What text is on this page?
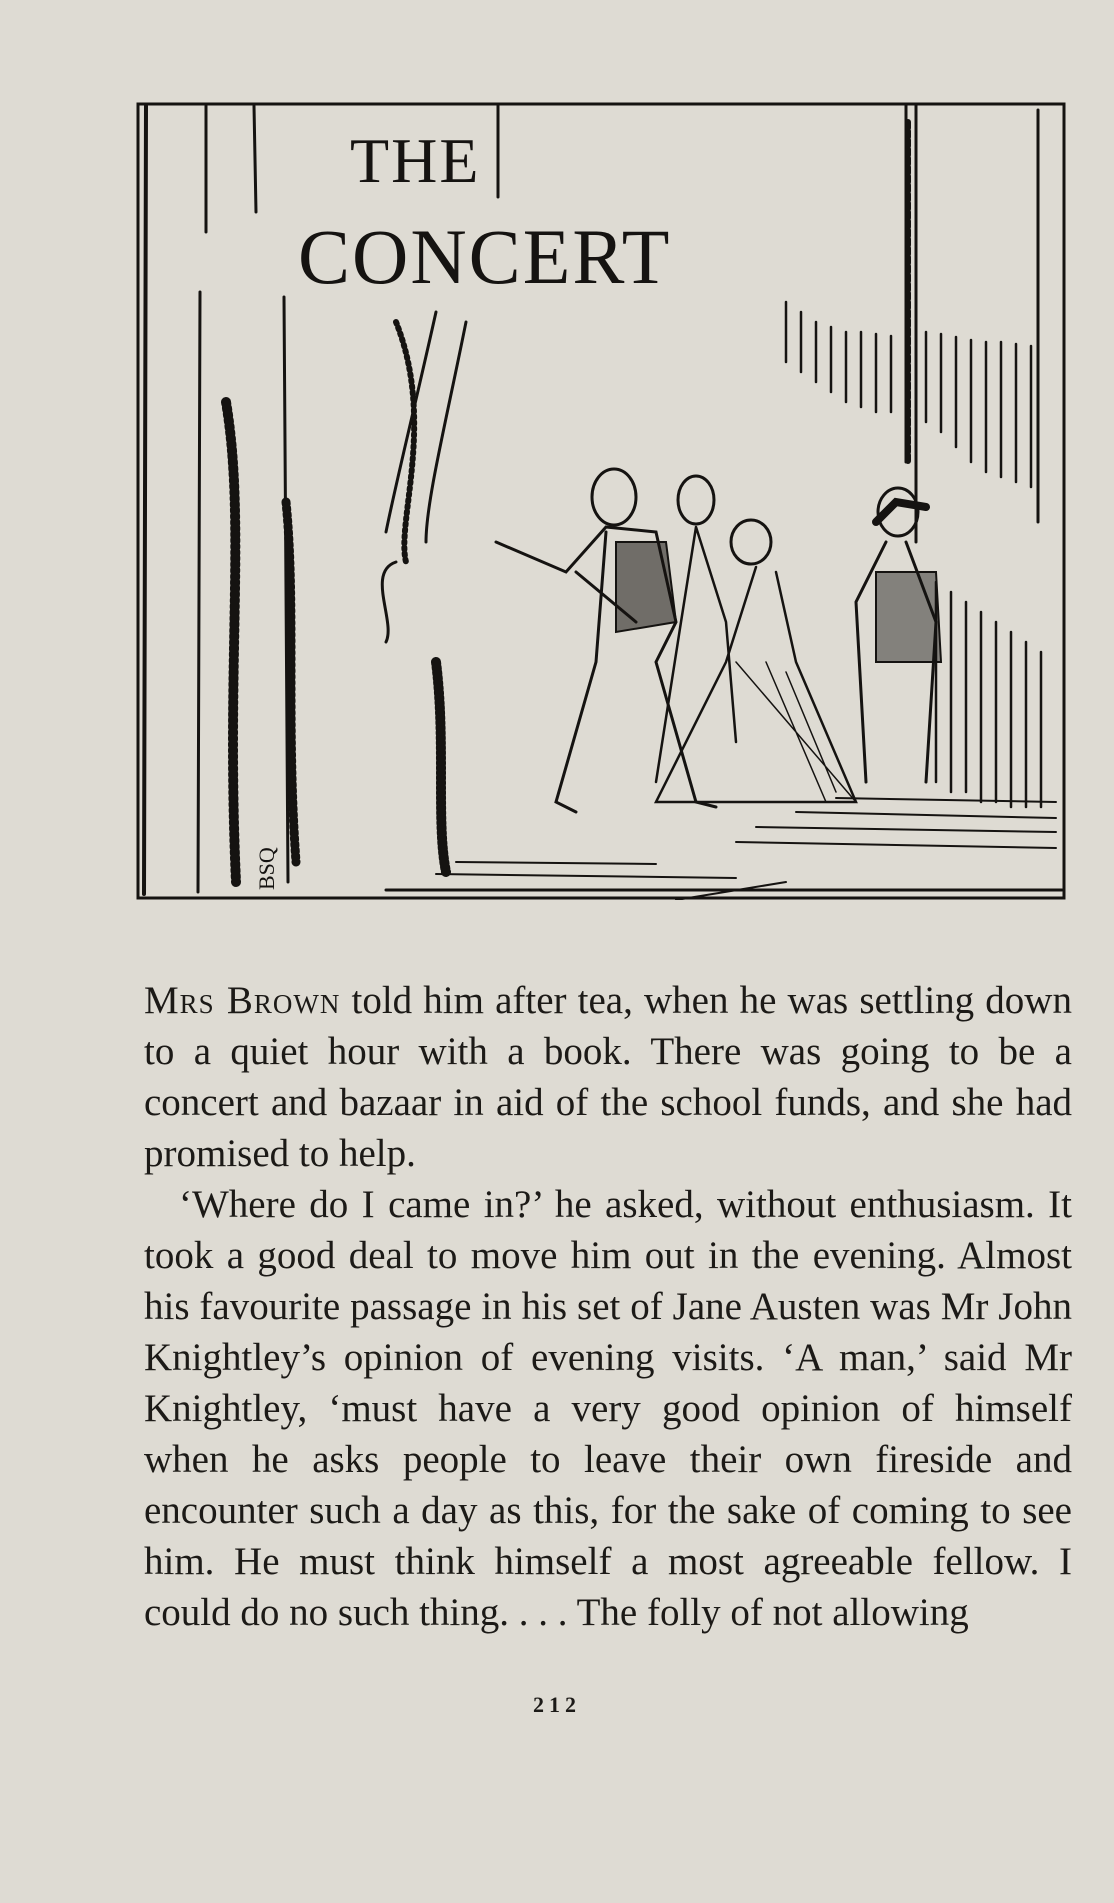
THE
CONCERT
BSQ

Mrs Brown told him after tea, when he was settling down to a quiet hour with a book. There was going to be a concert and bazaar in aid of the school funds, and she had promised to help.

‘Where do I came in?’ he asked, without enthusiasm. It took a good deal to move him out in the evening. Almost his favourite passage in his set of Jane Austen was Mr John Knightley’s opinion of evening visits. ‘A man,’ said Mr Knightley, ‘must have a very good opinion of himself when he asks people to leave their own fireside and encounter such a day as this, for the sake of coming to see him. He must think himself a most agreeable fellow. I could do no such thing. . . . The folly of not allowing

212
